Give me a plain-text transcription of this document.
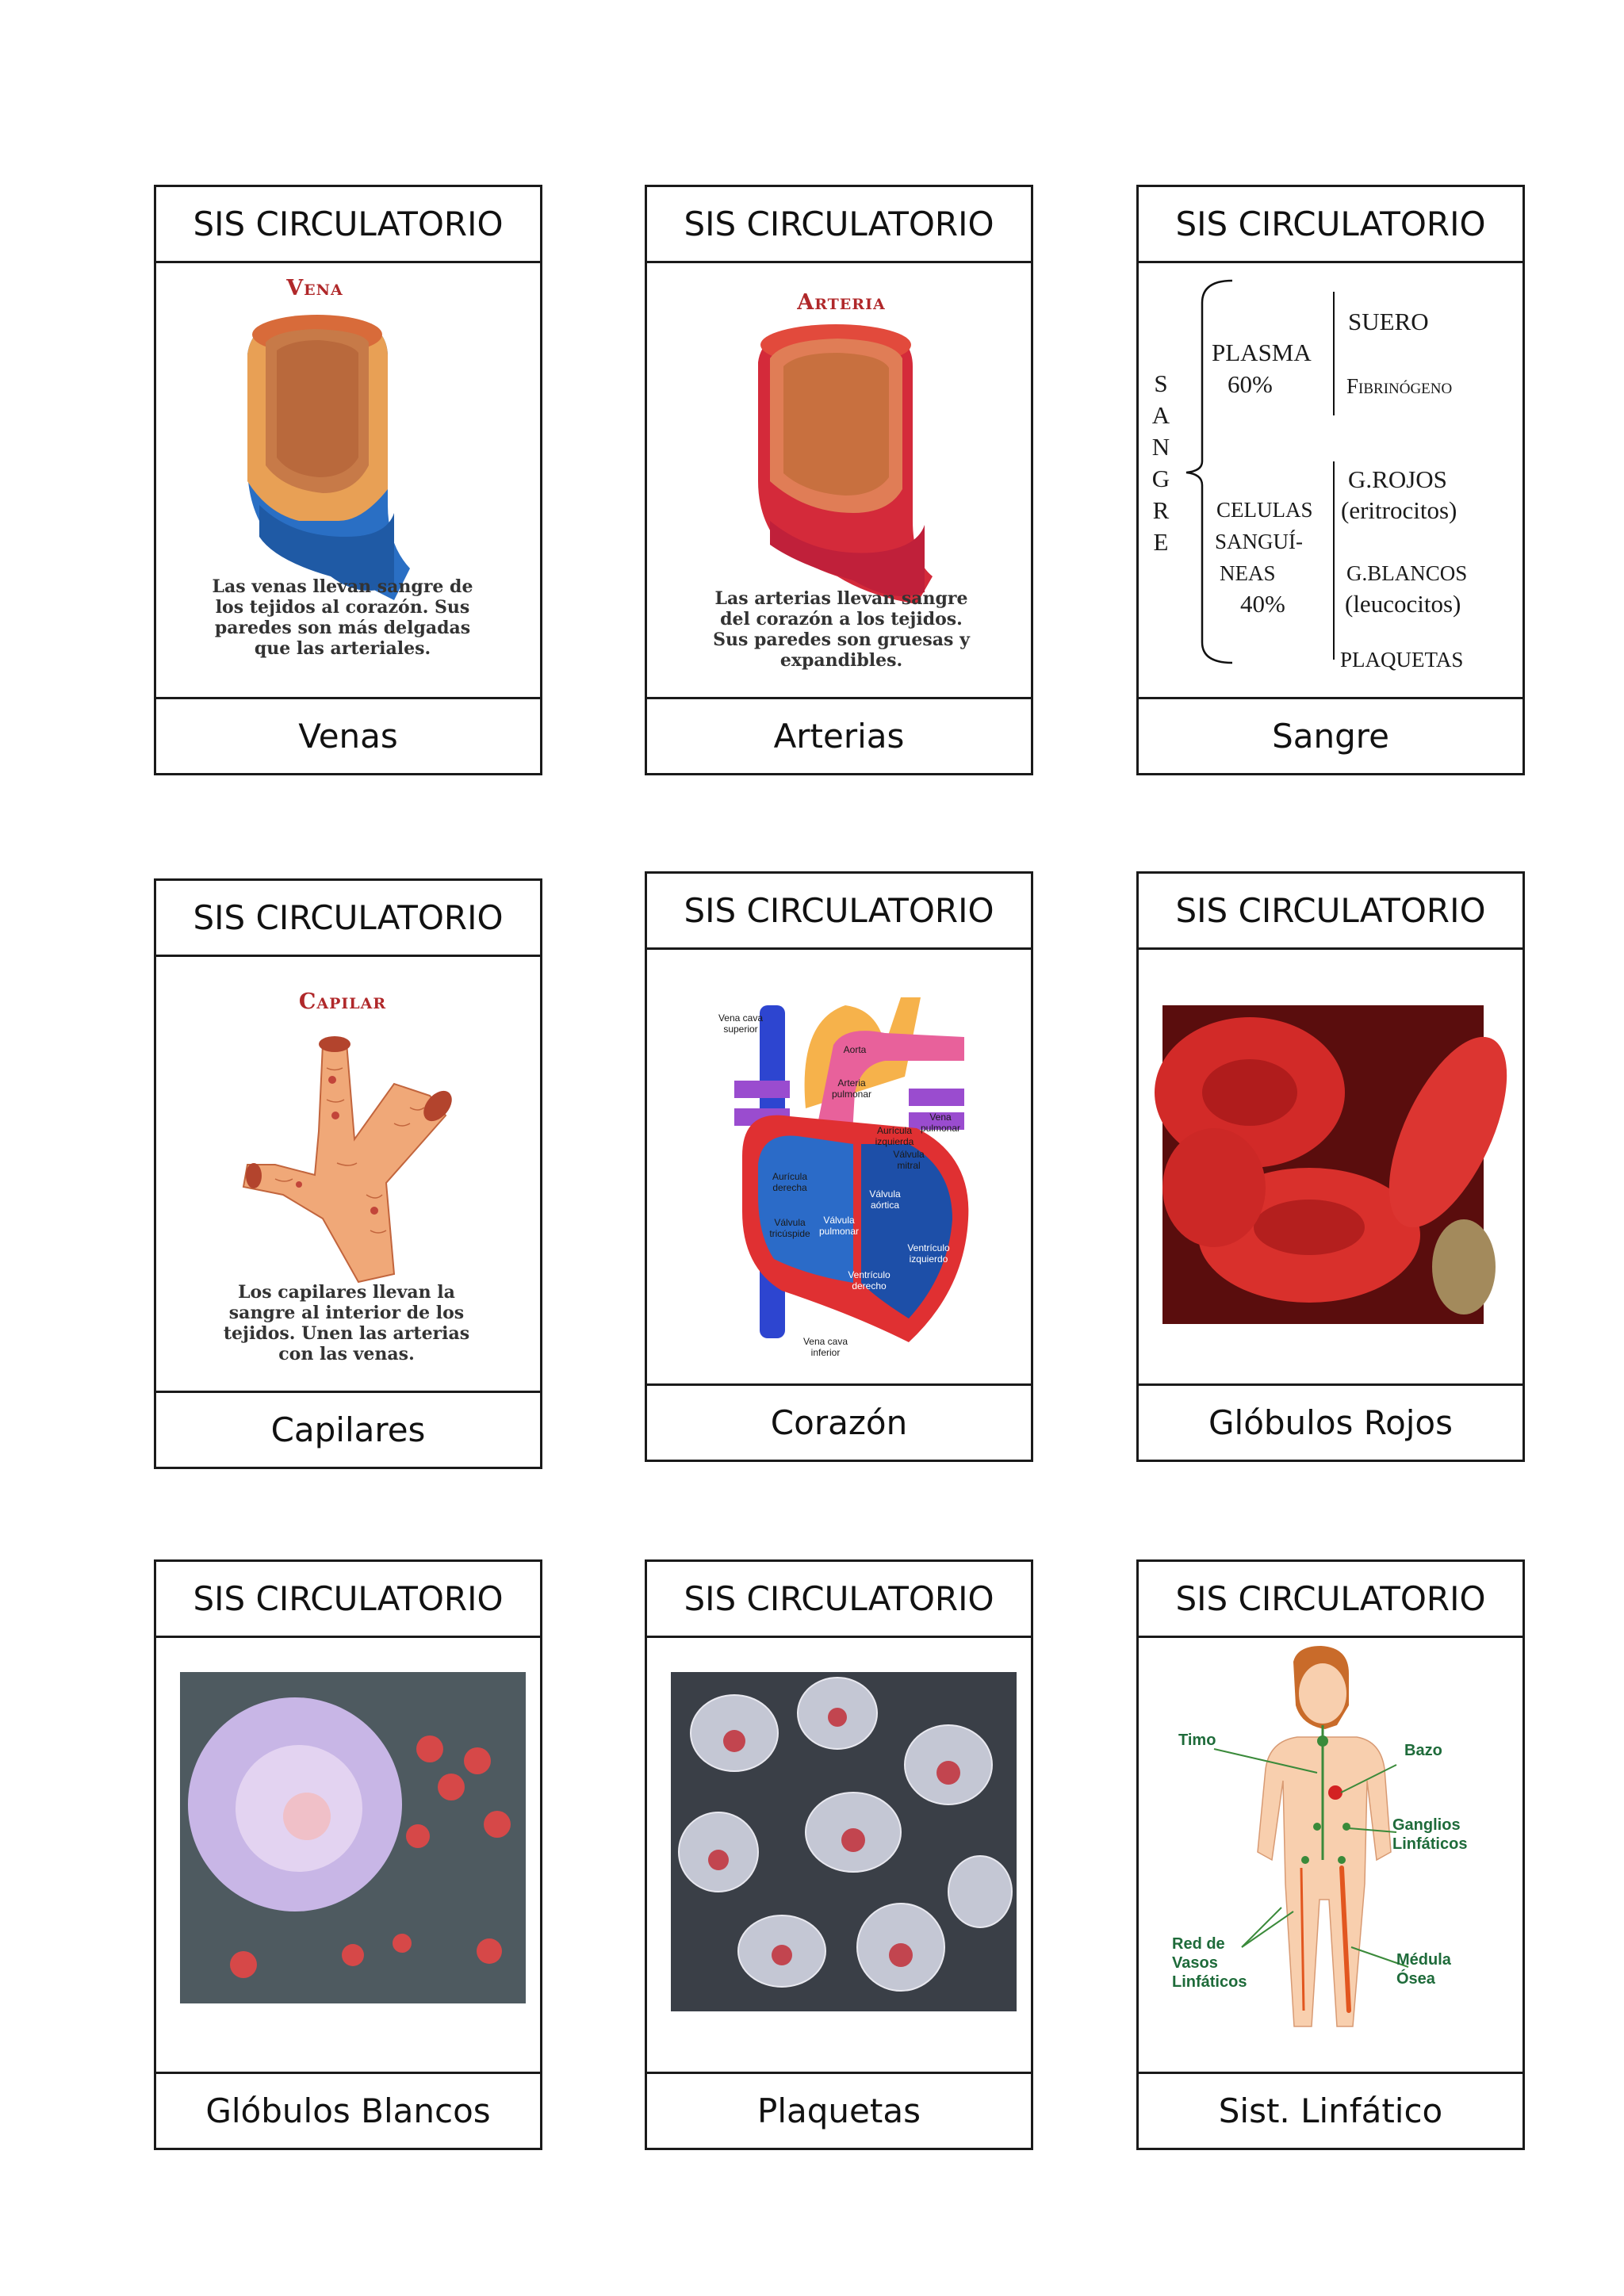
SIS CIRCULATORIO
Vena
Las venas llevan sangre de
los tejidos al corazón. Sus
paredes son más delgadas
que las arteriales.
Venas
SIS CIRCULATORIO
Arteria
Las arterias llevan sangre
del corazón a los tejidos.
Sus paredes son gruesas y
expandibles.
Arterias
SIS CIRCULATORIO
S
A
N
G
R
E
PLASMA
60%
SUERO
Fibrinógeno
CELULAS
SANGUÍ-
NEAS
40%
G.ROJOS
(eritrocitos)
G.BLANCOS
(leucocitos)
PLAQUETAS
Sangre
SIS CIRCULATORIO
Capilar
Los capilares llevan la
sangre al interior de los
tejidos. Unen las arterias
con las venas.
Capilares
SIS CIRCULATORIO
Vena cava
superior
Aorta
Arteria
pulmonar
Vena
pulmonar
Aurícula
izquierda
Válvula
mitral
Aurícula
derecha
Válvula
aórtica
Válvula
tricúspide
Válvula
pulmonar
Ventrículo
izquierdo
Ventrículo
derecho
Vena cava
inferior
Corazón
SIS CIRCULATORIO
Glóbulos Rojos
SIS CIRCULATORIO
Glóbulos Blancos
SIS CIRCULATORIO
Plaquetas
SIS CIRCULATORIO
Timo
Bazo
Ganglios
Linfáticos
Red de
Vasos
Linfáticos
Médula
Ósea
Sist. Linfático
